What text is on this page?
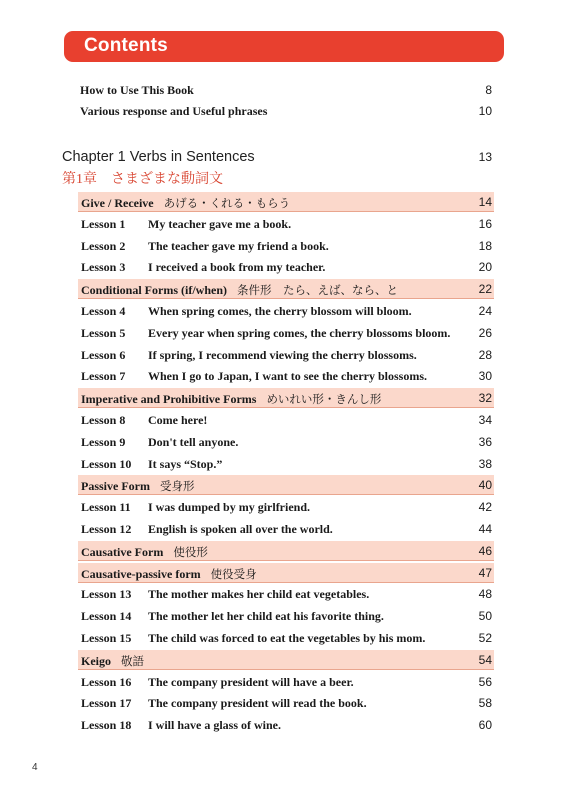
Contents
How to Use This Book	8
Various response and Useful phrases	10
Chapter 1 Verbs in Sentences	13
第1章　さまざまな動詞文
Give / Receive あげる・くれる・もらう	14
Lesson 1 My teacher gave me a book.	16
Lesson 2 The teacher gave my friend a book.	18
Lesson 3 I received a book from my teacher.	20
Conditional Forms (if/when) 条件形　たら、えば、なら、と	22
Lesson 4 When spring comes, the cherry blossom will bloom.	24
Lesson 5 Every year when spring comes, the cherry blossoms bloom. 26
Lesson 6 If spring, I recommend viewing the cherry blossoms.	28
Lesson 7 When I go to Japan, I want to see the cherry blossoms.	30
Imperative and Prohibitive Forms めいれい形・きんし形	32
Lesson 8 Come here!	34
Lesson 9 Don't tell anyone.	36
Lesson 10 It says “Stop.”	38
Passive Form 受身形	40
Lesson 11 I was dumped by my girlfriend.	42
Lesson 12 English is spoken all over the world.	44
Causative Form 使役形	46
Causative-passive form 使役受身	47
Lesson 13 The mother makes her child eat vegetables.	48
Lesson 14 The mother let her child eat his favorite thing.	50
Lesson 15 The child was forced to eat the vegetables by his mom.	52
Keigo 敬語	54
Lesson 16 The company president will have a beer.	56
Lesson 17 The company president will read the book.	58
Lesson 18 I will have a glass of wine.	60
4
